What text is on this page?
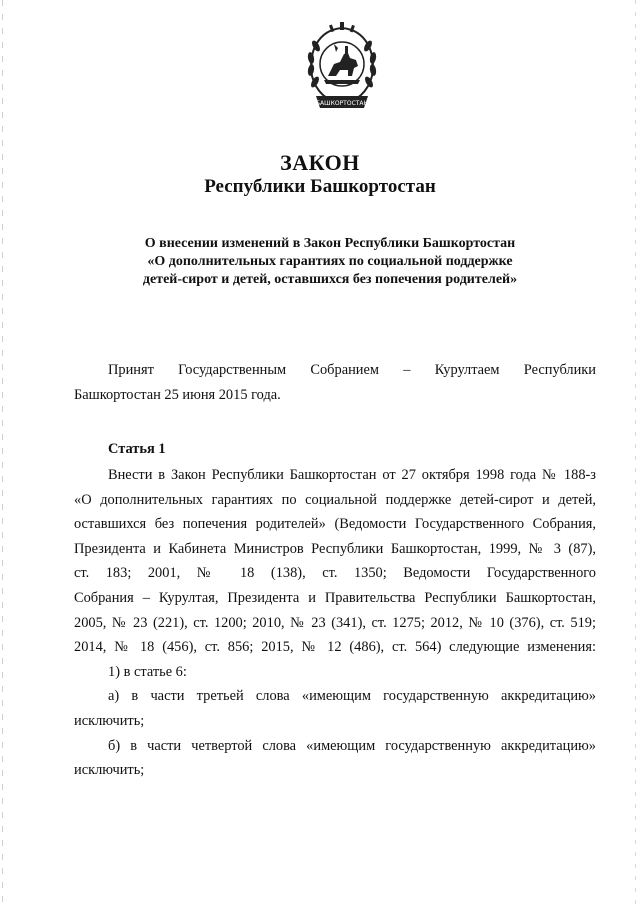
БАШКОРТОСТАН
ЗАКОН
Республики Башкортостан
О внесении изменений в Закон Республики Башкортостан
«О дополнительных гарантиях по социальной поддержке
детей-сирот и детей, оставшихся без попечения родителей»
Принят Государственным Собранием – Курултаем Республики
Башкортостан 25 июня 2015 года.
Статья 1
Внести в Закон Республики Башкортостан от 27 октября 1998 года № 188-з
«О дополнительных гарантиях по социальной поддержке детей-сирот и детей,
оставшихся без попечения родителей» (Ведомости Государственного Собрания,
Президента и Кабинета Министров Республики Башкортостан, 1999, № 3 (87),
ст. 183; 2001, № 18 (138), ст. 1350; Ведомости Государственного
Собрания – Курултая, Президента и Правительства Республики Башкортостан,
2005, № 23 (221), ст. 1200; 2010, № 23 (341), ст. 1275; 2012, № 10 (376), ст. 519;
2014, № 18 (456), ст. 856; 2015, № 12 (486), ст. 564) следующие изменения:
1) в статье 6:
а) в части третьей слова «имеющим государственную аккредитацию»
исключить;
б) в части четвертой слова «имеющим государственную аккредитацию»
исключить;
